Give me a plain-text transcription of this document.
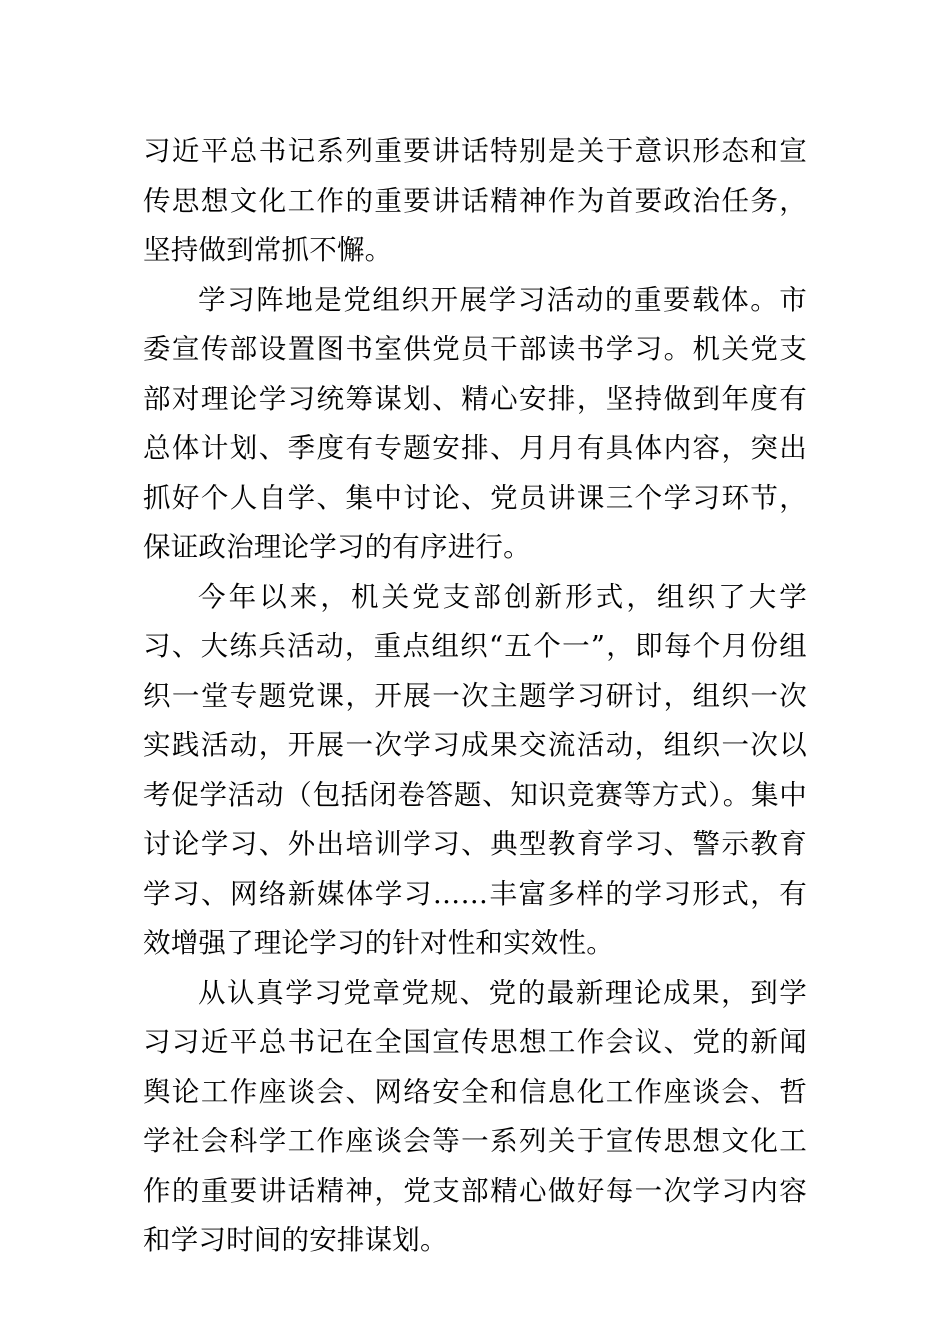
习近平总书记系列重要讲话特别是关于意识形态和宣传思想文化工作的重要讲话精神作为首要政治任务，坚持做到常抓不懈。

学习阵地是党组织开展学习活动的重要载体。市委宣传部设置图书室供党员干部读书学习。机关党支部对理论学习统筹谋划、精心安排，坚持做到年度有总体计划、季度有专题安排、月月有具体内容，突出抓好个人自学、集中讨论、党员讲课三个学习环节，保证政治理论学习的有序进行。

今年以来，机关党支部创新形式，组织了大学习、大练兵活动，重点组织“五个一”，即每个月份组织一堂专题党课，开展一次主题学习研讨，组织一次实践活动，开展一次学习成果交流活动，组织一次以考促学活动（包括闭卷答题、知识竞赛等方式）。集中讨论学习、外出培训学习、典型教育学习、警示教育学习、网络新媒体学习……丰富多样的学习形式，有效增强了理论学习的针对性和实效性。

从认真学习党章党规、党的最新理论成果，到学习习近平总书记在全国宣传思想工作会议、党的新闻舆论工作座谈会、网络安全和信息化工作座谈会、哲学社会科学工作座谈会等一系列关于宣传思想文化工作的重要讲话精神，党支部精心做好每一次学习内容和学习时间的安排谋划。
